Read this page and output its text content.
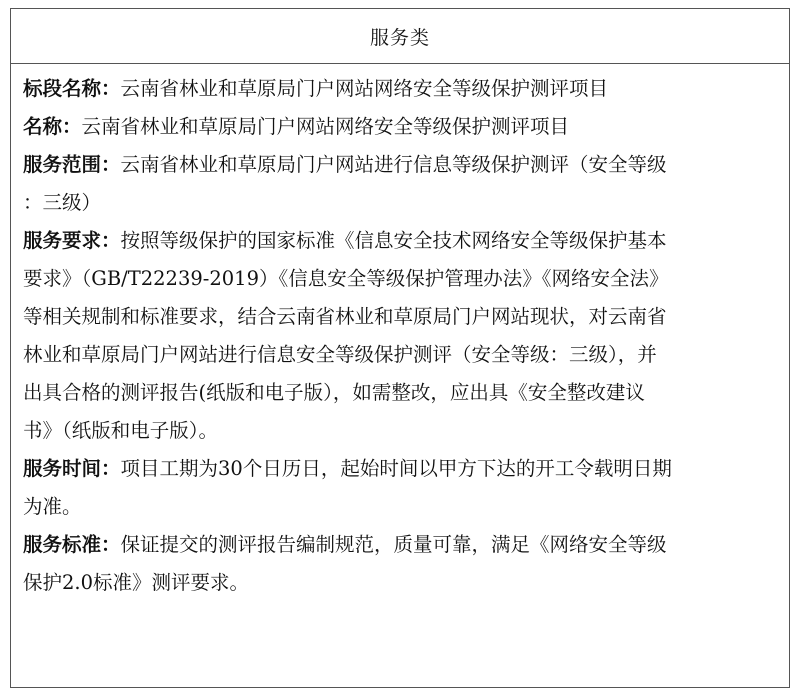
服务类

标段名称：云南省林业和草原局门户网站网络安全等级保护测评项目

名称：云南省林业和草原局门户网站网络安全等级保护测评项目

服务范围：云南省林业和草原局门户网站进行信息等级保护测评（安全等级
：三级）

服务要求：按照等级保护的国家标准《信息安全技术网络安全等级保护基本
要求》（GB/T22239-2019）《信息安全等级保护管理办法》《网络安全法》
等相关规制和标准要求，结合云南省林业和草原局门户网站现状，对云南省
林业和草原局门户网站进行信息安全等级保护测评（安全等级：三级），并
出具合格的测评报告(纸版和电子版），如需整改，应出具《安全整改建议
书》（纸版和电子版）。

服务时间：项目工期为30个日历日，起始时间以甲方下达的开工令载明日期
为准。

服务标准：保证提交的测评报告编制规范，质量可靠，满足《网络安全等级
保护2.0标准》测评要求。
